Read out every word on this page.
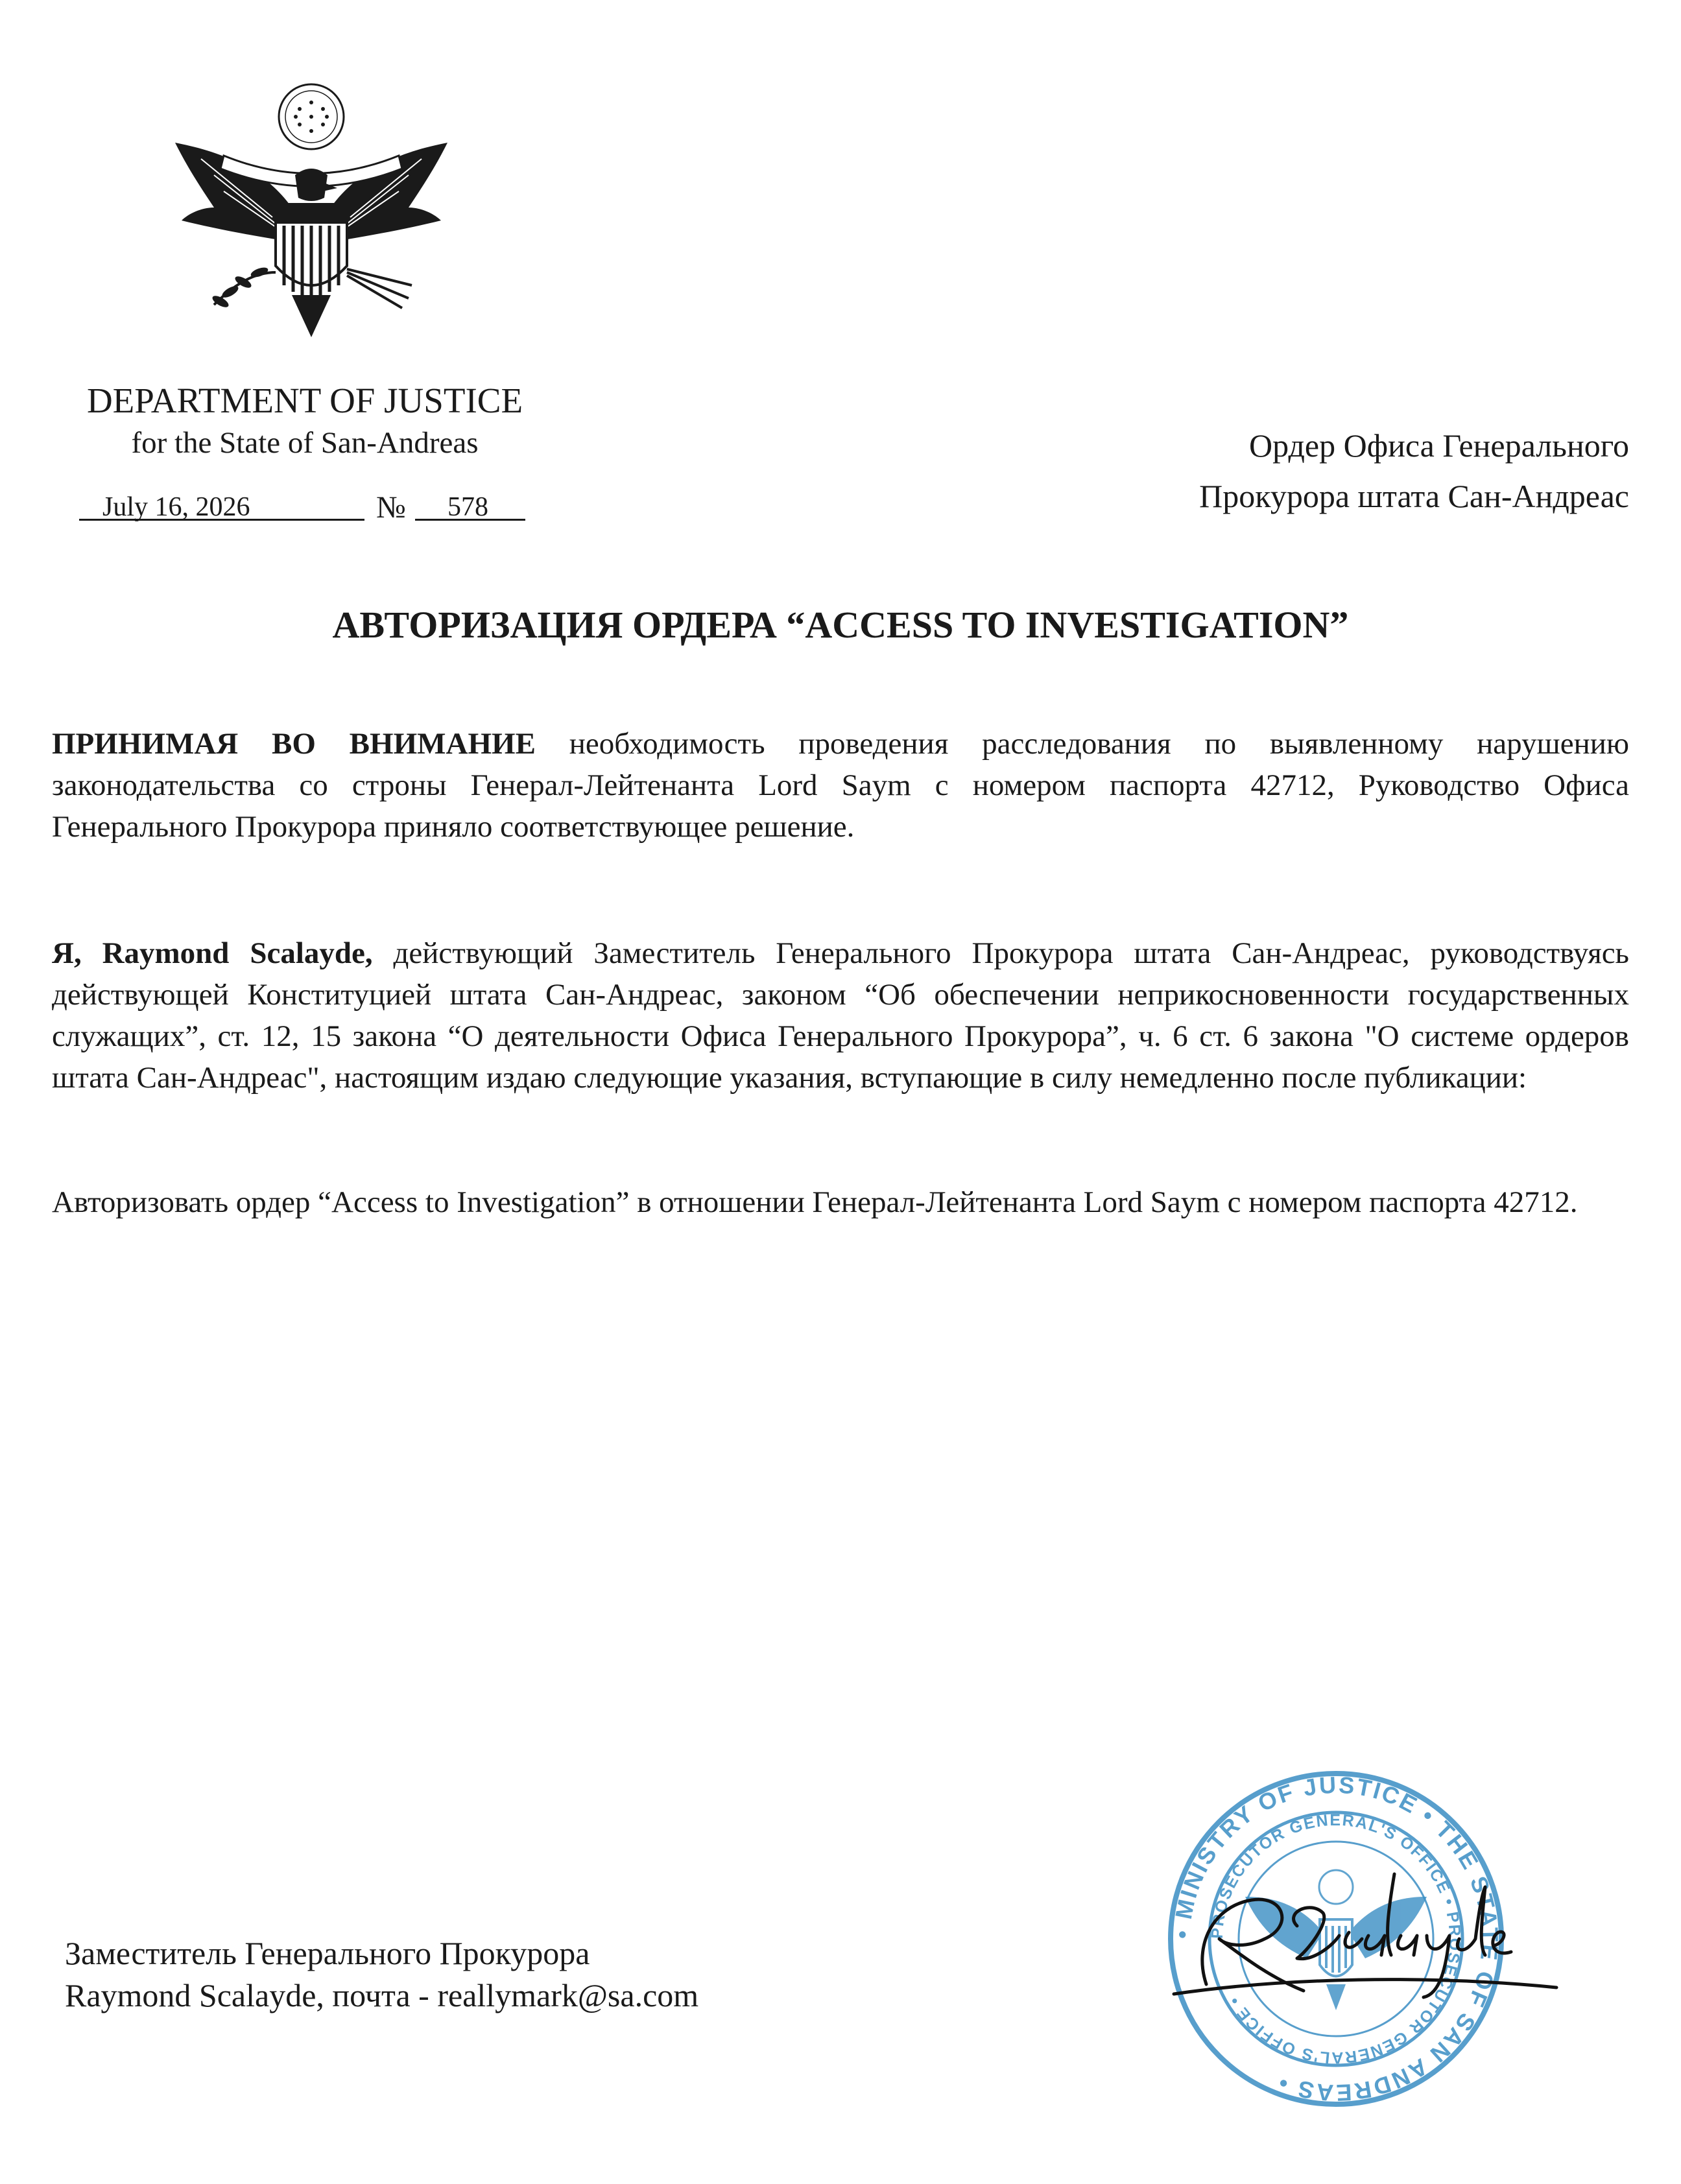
DEPARTMENT OF JUSTICE
for the State of San-Andreas
July 16, 2026	№ 578
Ордер Офиса Генерального
Прокурора штата Сан-Андреас
АВТОРИЗАЦИЯ ОРДЕРА “ACCESS TO INVESTIGATION”

ПРИНИМАЯ ВО ВНИМАНИЕ необходимость проведения расследования по выявленному нарушению законодательства со строны Генерал-Лейтенанта Lord Saym с номером паспорта 42712, Руководство Офиса Генерального Прокурора приняло соответствующее решение.

Я, Raymond Scalayde, действующий Заместитель Генерального Прокурора штата Сан-Андреас, руководствуясь действующей Конституцией штата Сан-Андреас, законом “Об обеспечении неприкосновенности государственных служащих”, ст. 12, 15 закона “О деятельности Офиса Генерального Прокурора”, ч. 6 ст. 6 закона "О системе ордеров штата Сан-Андреас", настоящим издаю следующие указания, вступающие в силу немедленно после публикации:

Авторизовать ордер “Access to Investigation” в отношении Генерал-Лейтенанта Lord Saym с номером паспорта 42712.

Заместитель Генерального Прокурора
Raymond Scalayde, почта - reallymark@sa.com
• MINISTRY OF JUSTICE • THE STATE OF SAN ANDREAS •
PROSECUTOR GENERAL'S OFFICE • PROSECUTOR GENERAL'S OFFICE •
